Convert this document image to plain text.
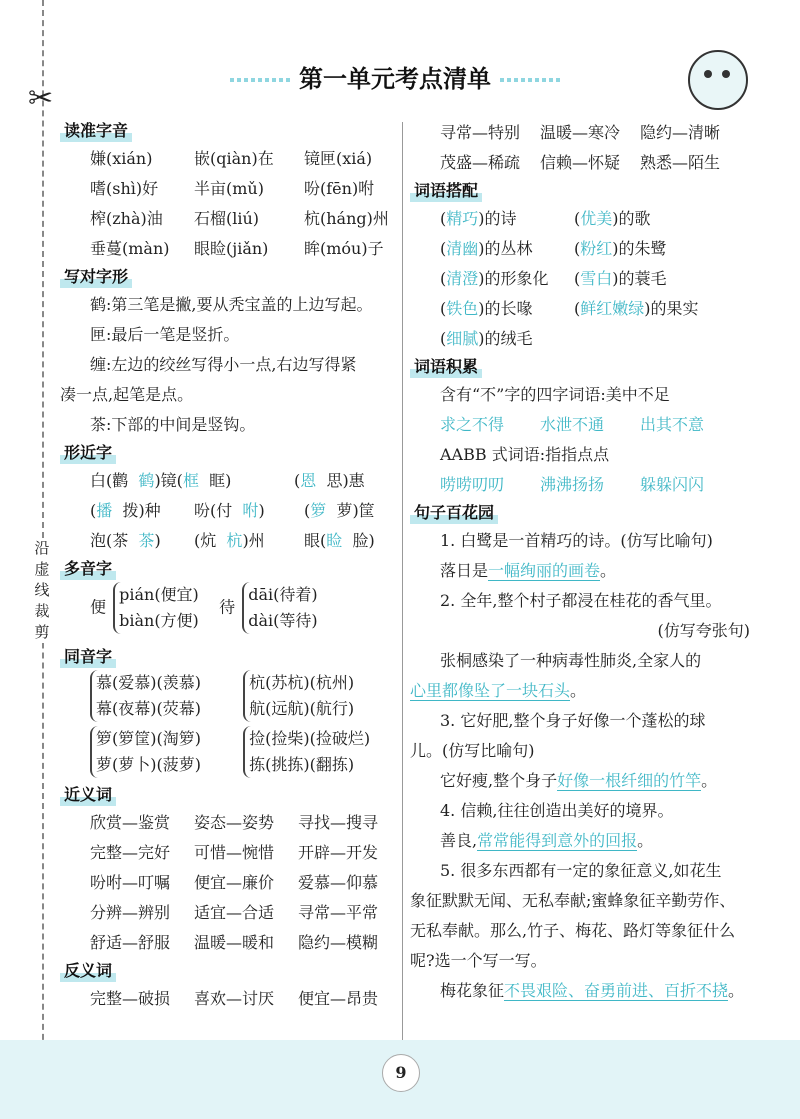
✂
沿虚线裁剪
第一单元考点清单
读准字音
嫌(xián)	嵌(qiàn)在 镜匣(xiá)
嗜(shì)好 半亩(mǔ)	吩(fēn)咐
榨(zhà)油 石榴(liú)	杭(háng)州
垂蔓(màn) 眼睑(jiǎn) 眸(móu)子
写对字形
鹤:第三笔是撇,要从秃宝盖的上边写起。
匣:最后一笔是竖折。
缠:左边的绞丝写得小一点,右边写得紧
凑一点,起笔是点。
茶:下部的中间是竖钩。
形近字
白(鹳 鹤)镜(框 眶)	(恩 思)惠
(播 拨)种 吩(付 咐) (箩 萝)筐
泡(茶 茶) (炕 杭)州 眼(睑 脸)
多音字
便
pián(便宜)
biàn(方便)
待
dāi(待着)
dài(等待)
同音字
慕(爱慕)(羡慕)
幕(夜幕)(荧幕)

杭(苏杭)(杭州)
航(远航)(航行)
箩(箩筐)(淘箩)
萝(萝卜)(菠萝)

捡(捡柴)(捡破烂)
拣(挑拣)(翻拣)
近义词
欣赏—鉴赏 姿态—姿势 寻找—搜寻
完整—完好 可惜—惋惜 开辟—开发
吩咐—叮嘱 便宜—廉价 爱慕—仰慕
分辨—辨别 适宜—合适 寻常—平常
舒适—舒服 温暖—暖和 隐约—模糊
反义词
完整—破损 喜欢—讨厌 便宜—昂贵
寻常—特别 温暖—寒冷 隐约—清晰
茂盛—稀疏 信赖—怀疑 熟悉—陌生
词语搭配
(精巧)的诗	(优美)的歌
(清幽)的丛林	(粉红)的朱鹭
(清澄)的形象化 (雪白)的蓑毛
(铁色)的长喙	(鲜红嫩绿)的果实
(细腻)的绒毛
词语积累
含有“不”字的四字词语:美中不足
求之不得 水泄不通 出其不意
AABB 式词语:指指点点
唠唠叨叨 沸沸扬扬 躲躲闪闪
句子百花园
1. 白鹭是一首精巧的诗。(仿写比喻句)
落日是一幅绚丽的画卷。
2. 全年,整个村子都浸在桂花的香气里。
(仿写夸张句)
张桐感染了一种病毒性肺炎,全家人的
心里都像坠了一块石头。
3. 它好肥,整个身子好像一个蓬松的球
儿。(仿写比喻句)
它好瘦,整个身子好像一根纤细的竹竿。
4. 信赖,往往创造出美好的境界。
善良,常常能得到意外的回报。
5. 很多东西都有一定的象征意义,如花生
象征默默无闻、无私奉献;蜜蜂象征辛勤劳作、
无私奉献。那么,竹子、梅花、路灯等象征什么
呢?选一个写一写。
梅花象征不畏艰险、奋勇前进、百折不挠。
9
